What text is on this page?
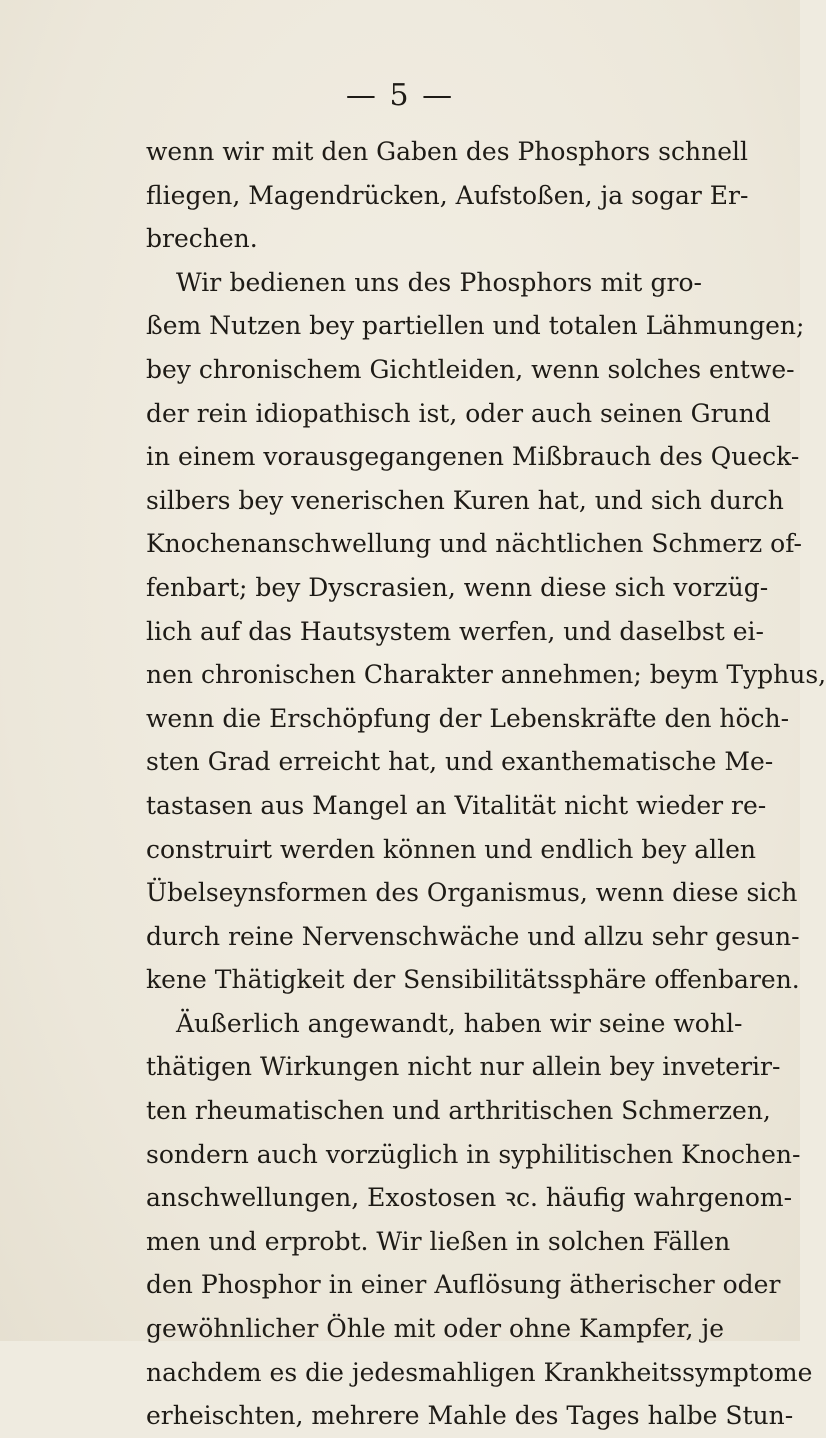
— 5 —
wenn wir mit den Gaben des Phosphors schnell
fliegen, Magendrücken, Aufstoßen, ja sogar Er-
brechen.
Wir bedienen uns des Phosphors mit gro-
ßem Nutzen bey partiellen und totalen Lähmungen;
bey chronischem Gichtleiden, wenn solches entwe-
der rein idiopathisch ist, oder auch seinen Grund
in einem vorausgegangenen Mißbrauch des Queck-
silbers bey venerischen Kuren hat, und sich durch
Knochenanschwellung und nächtlichen Schmerz of-
fenbart; bey Dyscrasien, wenn diese sich vorzüg-
lich auf das Hautsystem werfen, und daselbst ei-
nen chronischen Charakter annehmen; beym Typhus,
wenn die Erschöpfung der Lebenskräfte den höch-
sten Grad erreicht hat, und exanthematische Me-
tastasen aus Mangel an Vitalität nicht wieder re-
construirt werden können und endlich bey allen
Übelseynsformen des Organismus, wenn diese sich
durch reine Nervenschwäche und allzu sehr gesun-
kene Thätigkeit der Sensibilitätssphäre offenbaren.
Äußerlich angewandt, haben wir seine wohl-
thätigen Wirkungen nicht nur allein bey inveterir-
ten rheumatischen und arthritischen Schmerzen,
sondern auch vorzüglich in syphilitischen Knochen-
anschwellungen, Exostosen ꝛc. häufig wahrgenom-
men und erprobt. Wir ließen in solchen Fällen
den Phosphor in einer Auflösung ätherischer oder
gewöhnlicher Öhle mit oder ohne Kampfer, je
nachdem es die jedesmahligen Krankheitssymptome
erheischten, mehrere Mahle des Tages halbe Stun-
